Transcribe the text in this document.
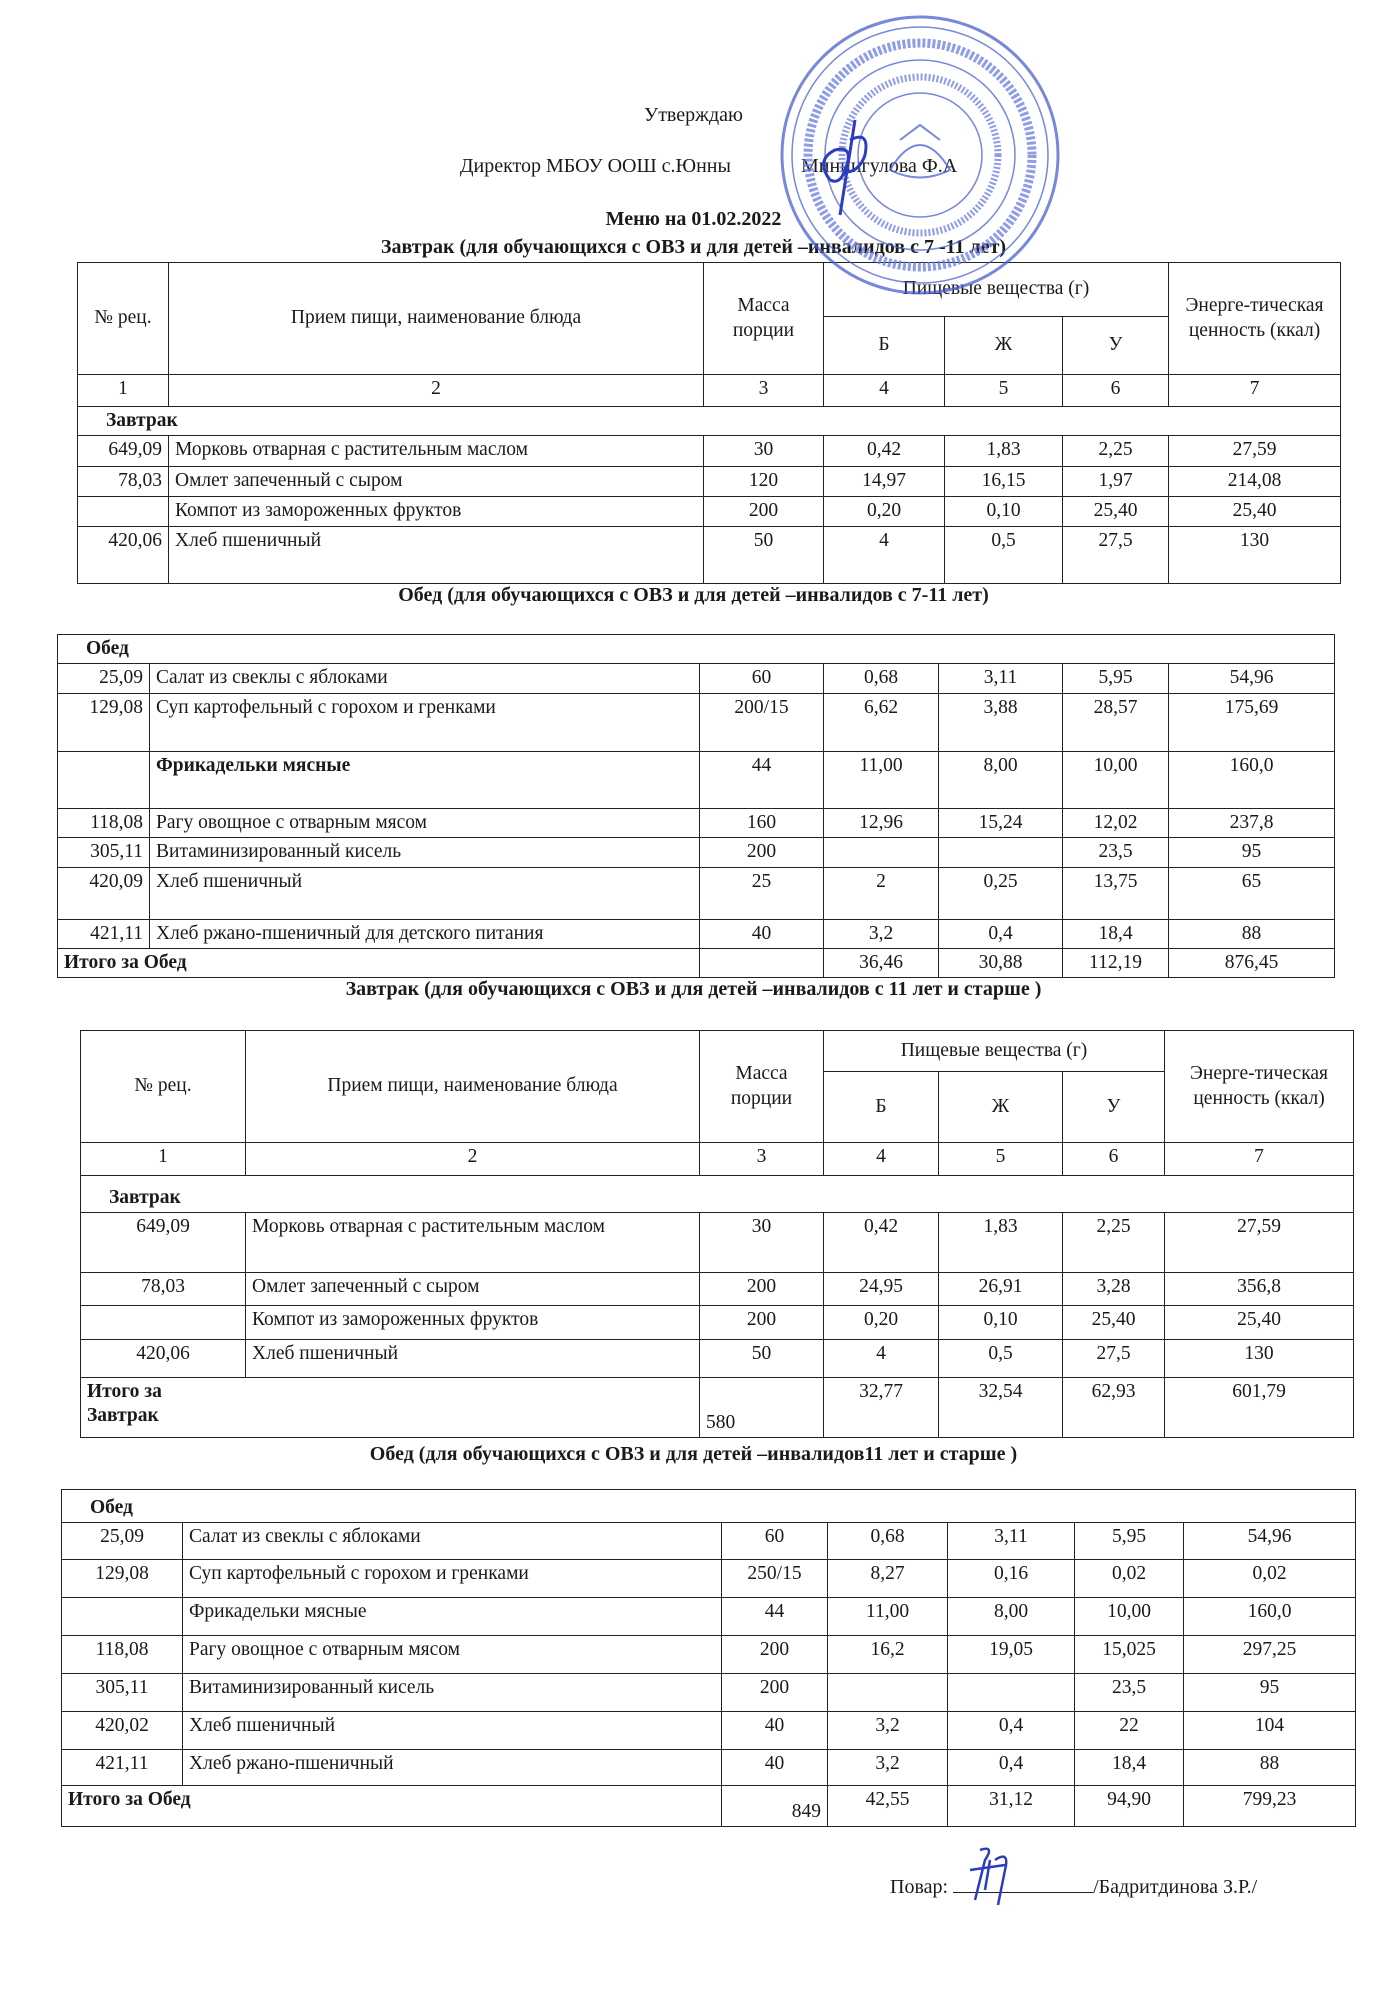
Утверждаю
Директор МБОУ ООШ с.Юнны	Миннигулова Ф.А
Меню на 01.02.2022
Завтрак (для обучающихся с ОВЗ и для детей –инвалидов с 7 -11 лет)
№ рец.	Прием пищи, наименование блюда	Масса порции	Пищевые вещества (г)			Энерге-тическая ценность (ккал)
			Б	Ж	У	
1	2	3	4	5	6	7
Завтрак						
649,09	Морковь отварная с растительным маслом	30	0,42	1,83	2,25	27,59
78,03	Омлет запеченный с сыром	120	14,97	16,15	1,97	214,08
	Компот из замороженных фруктов	200	0,20	0,10	25,40	25,40
420,06	Хлеб пшеничный	50	4	0,5	27,5	130
Обед (для обучающихся с ОВЗ и для детей –инвалидов с 7-11 лет)
Обед						
25,09	Салат из свеклы с яблоками	60	0,68	3,11	5,95	54,96
129,08	Суп картофельный с горохом и гренками	200/15	6,62	3,88	28,57	175,69
	Фрикадельки мясные	44	11,00	8,00	10,00	160,0
118,08	Рагу овощное с отварным мясом	160	12,96	15,24	12,02	237,8
305,11	Витаминизированный кисель	200			23,5	95
420,09	Хлеб пшеничный	25	2	0,25	13,75	65
421,11	Хлеб ржано-пшеничный для детского питания	40	3,2	0,4	18,4	88
Итого за Обед			36,46	30,88	112,19	876,45
Завтрак (для обучающихся с ОВЗ и для детей –инвалидов с 11 лет и старше )
№ рец.	Прием пищи, наименование блюда	Масса порции	Пищевые вещества (г)			Энерге-тическая ценность (ккал)
			Б	Ж	У	
1	2	3	4	5	6	7
Завтрак						
649,09	Морковь отварная с растительным маслом	30	0,42	1,83	2,25	27,59
78,03	Омлет запеченный с сыром	200	24,95	26,91	3,28	356,8
	Компот из замороженных фруктов	200	0,20	0,10	25,40	25,40
420,06	Хлеб пшеничный	50	4	0,5	27,5	130
Итого за Завтрак		580	32,77	32,54	62,93	601,79
Обед (для обучающихся с ОВЗ и для детей –инвалидов11 лет и старше )
Обед						
25,09	Салат из свеклы с яблоками	60	0,68	3,11	5,95	54,96
129,08	Суп картофельный с горохом и гренками	250/15	8,27	0,16	0,02	0,02
	Фрикадельки мясные	44	11,00	8,00	10,00	160,0
118,08	Рагу овощное с отварным мясом	200	16,2	19,05	15,025	297,25
305,11	Витаминизированный кисель	200			23,5	95
420,02	Хлеб пшеничный	40	3,2	0,4	22	104
421,11	Хлеб ржано-пшеничный	40	3,2	0,4	18,4	88
Итого за Обед		849	42,55	31,12	94,90	799,23
Повар:	/Бадритдинова З.Р./
